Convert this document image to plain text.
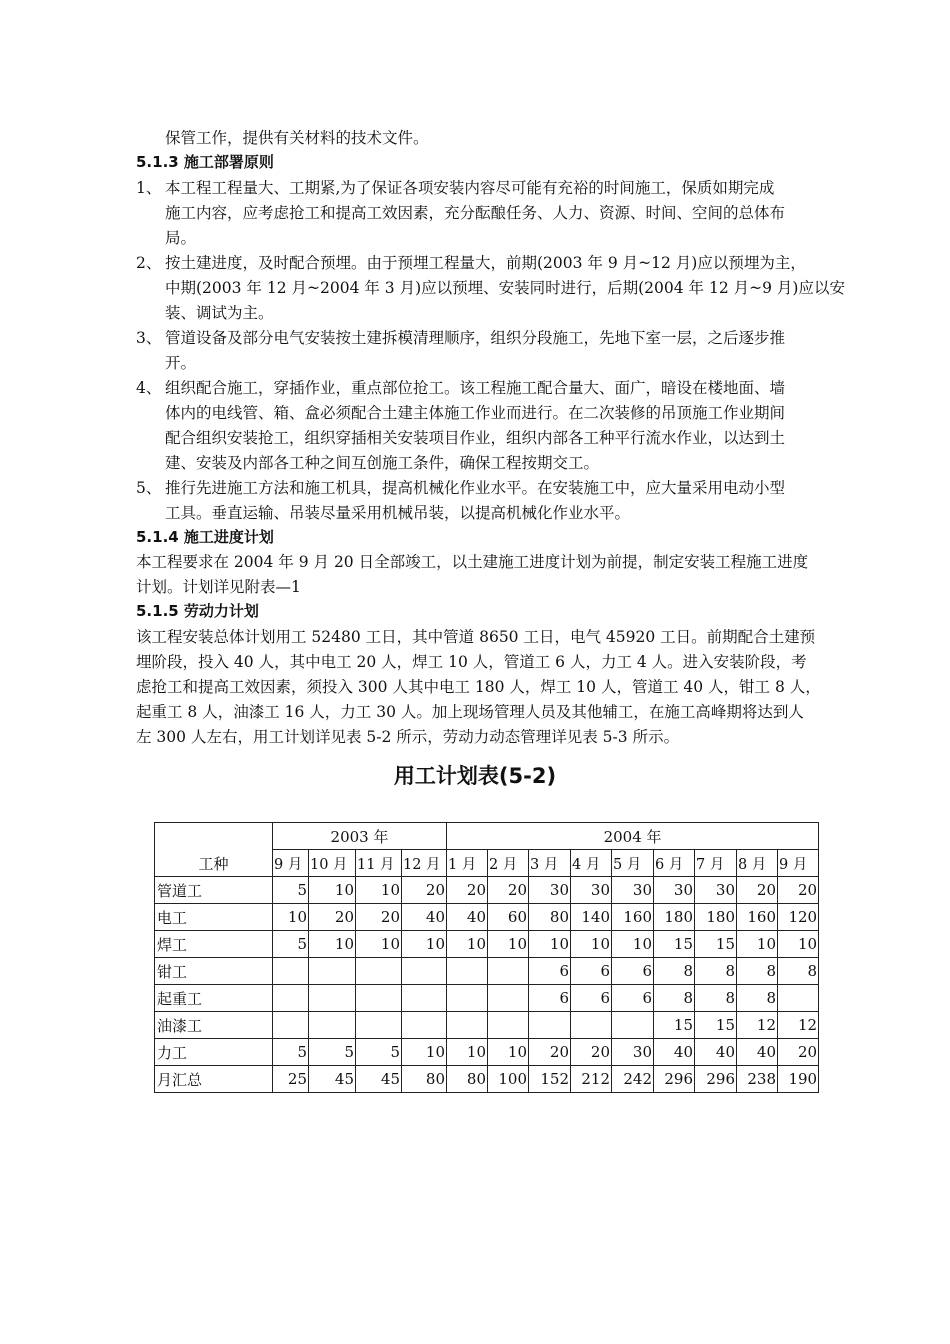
保管工作，提供有关材料的技术文件。
5.1.3 施工部署原则
1、 本工程工程量大、工期紧,为了保证各项安装内容尽可能有充裕的时间施工，保质如期完成
施工内容，应考虑抢工和提高工效因素，充分酝酿任务、人力、资源、时间、空间的总体布
局。
2、 按土建进度，及时配合预埋。由于预埋工程量大，前期(2003 年 9 月~12 月)应以预埋为主，
中期(2003 年 12 月~2004 年 3 月)应以预埋、安装同时进行，后期(2004 年 12 月~9 月)应以安
装、调试为主。
3、 管道设备及部分电气安装按土建拆模清理顺序，组织分段施工，先地下室一层，之后逐步推
开。
4、 组织配合施工，穿插作业，重点部位抢工。该工程施工配合量大、面广，暗设在楼地面、墙
体内的电线管、箱、盒必须配合土建主体施工作业而进行。在二次装修的吊顶施工作业期间
配合组织安装抢工，组织穿插相关安装项目作业，组织内部各工种平行流水作业，以达到土
建、安装及内部各工种之间互创施工条件，确保工程按期交工。
5、 推行先进施工方法和施工机具，提高机械化作业水平。在安装施工中，应大量采用电动小型
工具。垂直运输、吊装尽量采用机械吊装，以提高机械化作业水平。
5.1.4 施工进度计划
本工程要求在 2004 年 9 月 20 日全部竣工，以土建施工进度计划为前提，制定安装工程施工进度
计划。计划详见附表—1
5.1.5 劳动力计划
该工程安装总体计划用工 52480 工日，其中管道 8650 工日，电气 45920 工日。前期配合土建预
埋阶段，投入 40 人，其中电工 20 人，焊工 10 人，管道工 6 人，力工 4 人。进入安装阶段，考
虑抢工和提高工效因素，须投入 300 人其中电工 180 人，焊工 10 人，管道工 40 人，钳工 8 人，
起重工 8 人，油漆工 16 人，力工 30 人。加上现场管理人员及其他辅工，在施工高峰期将达到人
左 300 人左右，用工计划详见表 5-2 所示，劳动力动态管理详见表 5-3 所示。
用工计划表(5-2)
工种	2003 年				2004 年								
	9 月	10 月	11 月	12 月	1 月	2 月	3 月	4 月	5 月	6 月	7 月	8 月	9 月
管道工	5	10	10	20	20	20	30	30	30	30	30	20	20
电工	10	20	20	40	40	60	80	140	160	180	180	160	120
焊工	5	10	10	10	10	10	10	10	10	15	15	10	10
钳工							6	6	6	8	8	8	8
起重工							6	6	6	8	8	8	
油漆工										15	15	12	12
力工	5	5	5	10	10	10	20	20	30	40	40	40	20
月汇总	25	45	45	80	80	100	152	212	242	296	296	238	190
